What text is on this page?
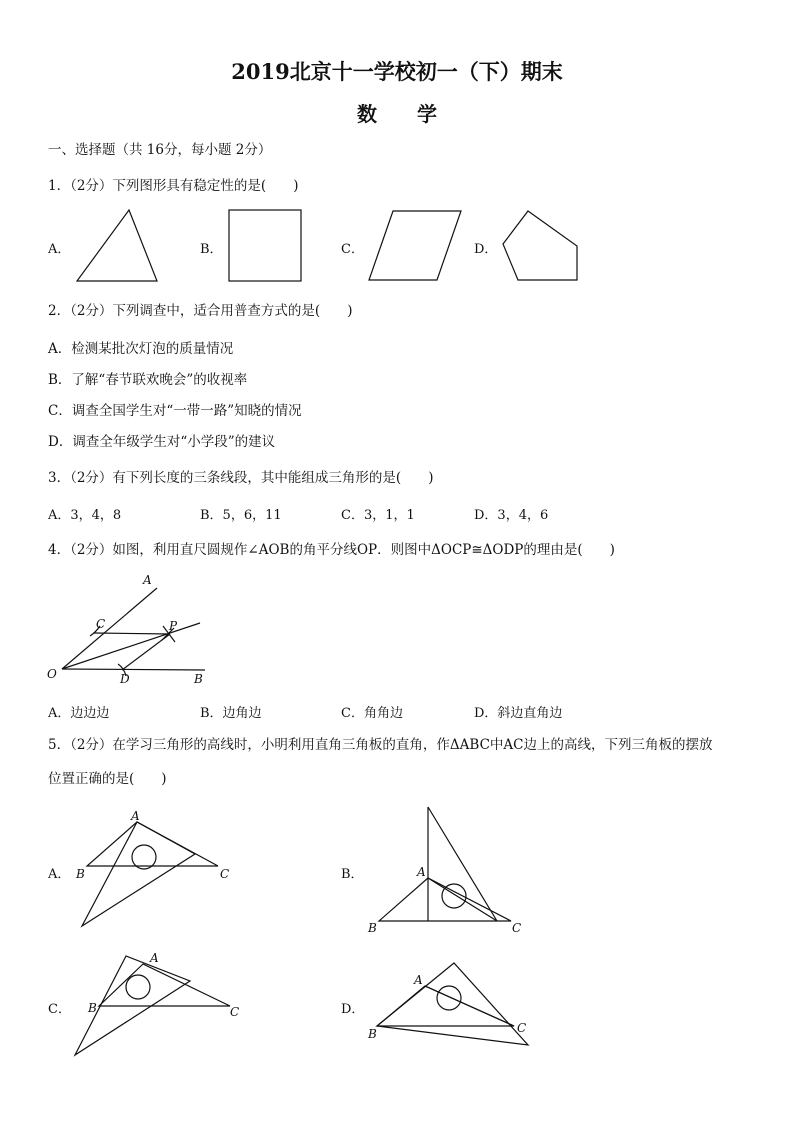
2019北京十一学校初一（下）期末
数学
一、选择题（共 16分，每小题 2分）
1．（2分）下列图形具有稳定性的是(　　)
A．	B．	C．	D．
2．（2分）下列调查中，适合用普查方式的是(　　)
A．检测某批次灯泡的质量情况
B．了解“春节联欢晚会”的收视率
C．调查全国学生对“一带一路”知晓的情况
D．调查全年级学生对“小学段”的建议
3．（2分）有下列长度的三条线段，其中能组成三角形的是(　　)
A．3，4，8	B．5，6，11	C．3，1，1	D．3，4，6
4．（2分）如图，利用直尺圆规作∠AOB的角平分线OP．则图中ΔOCP≅ΔODP的理由是(　　)
A
C	P
O	D	B
A．边边边	B．边角边	C．角角边	D．斜边直角边
5．（2分）在学习三角形的高线时，小明利用直角三角板的直角，作ΔABC中AC边上的高线，下列三角板的摆放
位置正确的是(　　)
A．	B．
C．	D．
A
B	C	A
B	C
A
B	C
A
B	C
